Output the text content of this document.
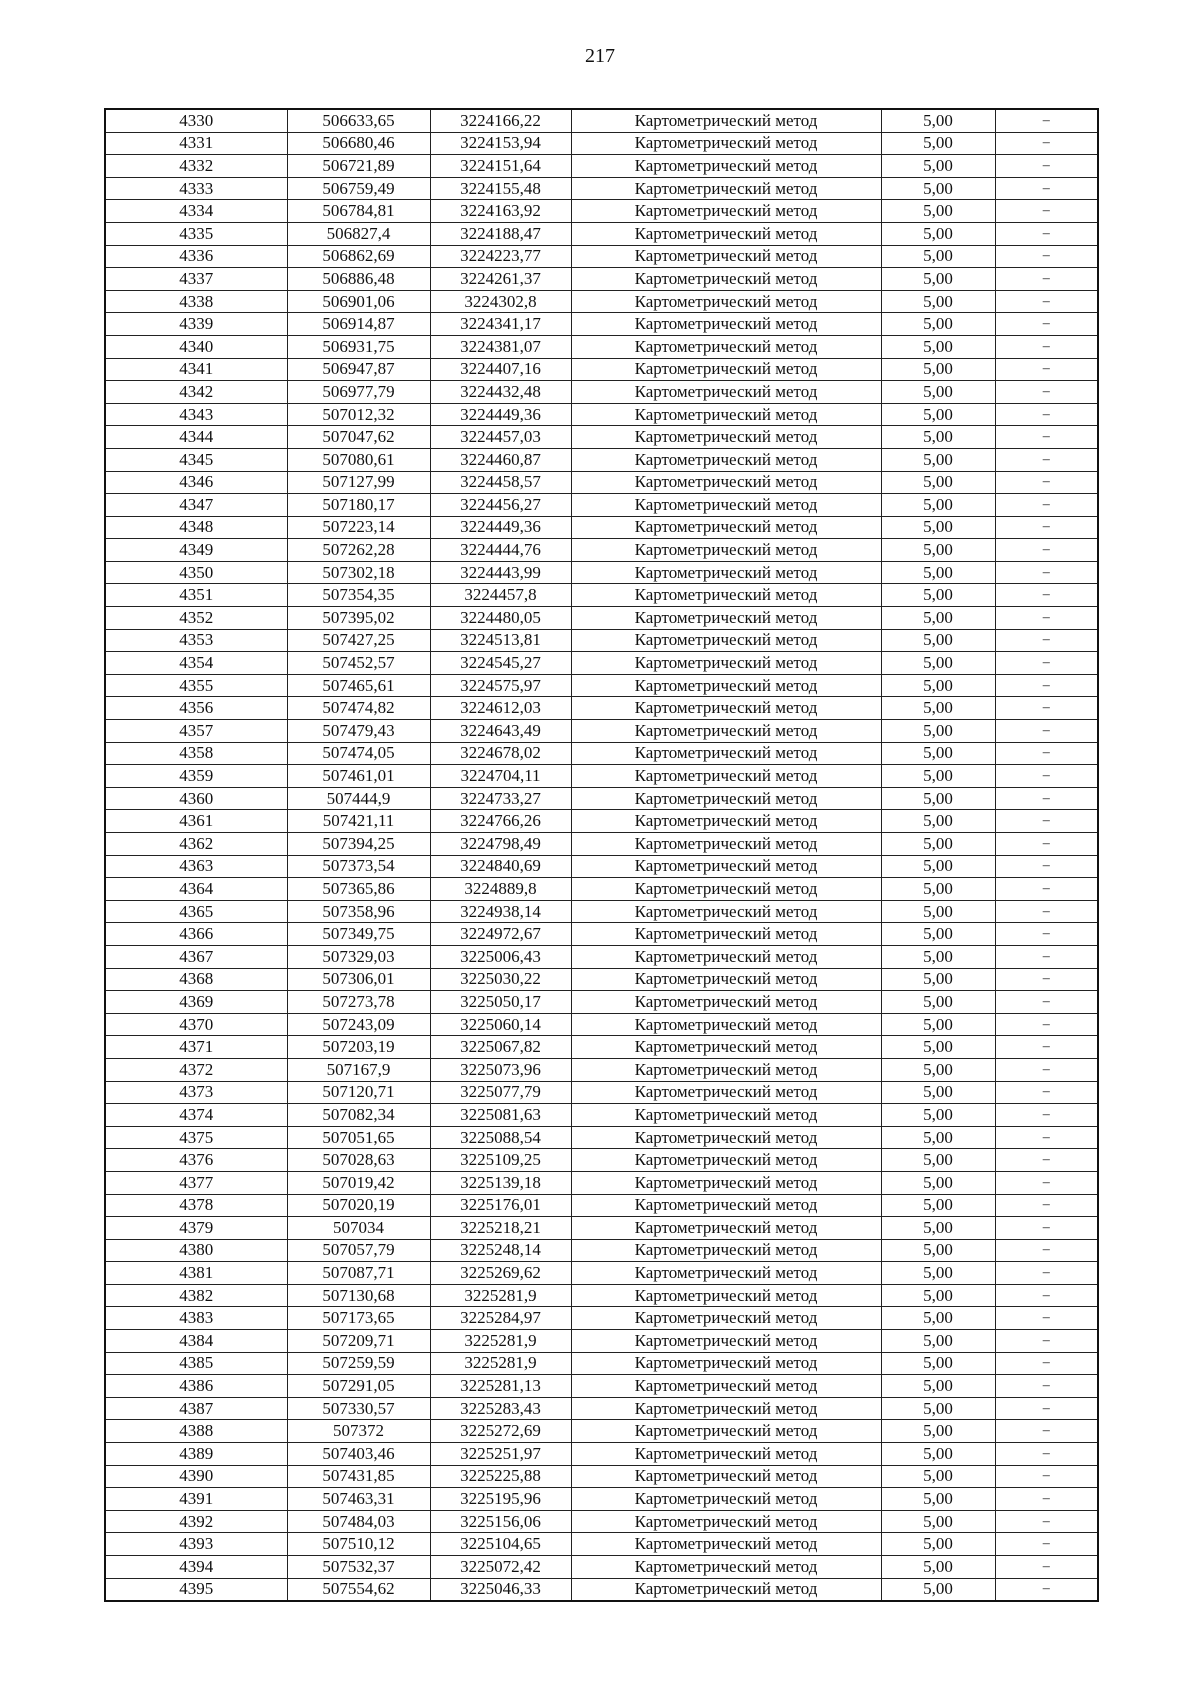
217
4330	506633,65	3224166,22	Картометрический метод	5,00	–
4331	506680,46	3224153,94	Картометрический метод	5,00	–
4332	506721,89	3224151,64	Картометрический метод	5,00	–
4333	506759,49	3224155,48	Картометрический метод	5,00	–
4334	506784,81	3224163,92	Картометрический метод	5,00	–
4335	506827,4	3224188,47	Картометрический метод	5,00	–
4336	506862,69	3224223,77	Картометрический метод	5,00	–
4337	506886,48	3224261,37	Картометрический метод	5,00	–
4338	506901,06	3224302,8	Картометрический метод	5,00	–
4339	506914,87	3224341,17	Картометрический метод	5,00	–
4340	506931,75	3224381,07	Картометрический метод	5,00	–
4341	506947,87	3224407,16	Картометрический метод	5,00	–
4342	506977,79	3224432,48	Картометрический метод	5,00	–
4343	507012,32	3224449,36	Картометрический метод	5,00	–
4344	507047,62	3224457,03	Картометрический метод	5,00	–
4345	507080,61	3224460,87	Картометрический метод	5,00	–
4346	507127,99	3224458,57	Картометрический метод	5,00	–
4347	507180,17	3224456,27	Картометрический метод	5,00	–
4348	507223,14	3224449,36	Картометрический метод	5,00	–
4349	507262,28	3224444,76	Картометрический метод	5,00	–
4350	507302,18	3224443,99	Картометрический метод	5,00	–
4351	507354,35	3224457,8	Картометрический метод	5,00	–
4352	507395,02	3224480,05	Картометрический метод	5,00	–
4353	507427,25	3224513,81	Картометрический метод	5,00	–
4354	507452,57	3224545,27	Картометрический метод	5,00	–
4355	507465,61	3224575,97	Картометрический метод	5,00	–
4356	507474,82	3224612,03	Картометрический метод	5,00	–
4357	507479,43	3224643,49	Картометрический метод	5,00	–
4358	507474,05	3224678,02	Картометрический метод	5,00	–
4359	507461,01	3224704,11	Картометрический метод	5,00	–
4360	507444,9	3224733,27	Картометрический метод	5,00	–
4361	507421,11	3224766,26	Картометрический метод	5,00	–
4362	507394,25	3224798,49	Картометрический метод	5,00	–
4363	507373,54	3224840,69	Картометрический метод	5,00	–
4364	507365,86	3224889,8	Картометрический метод	5,00	–
4365	507358,96	3224938,14	Картометрический метод	5,00	–
4366	507349,75	3224972,67	Картометрический метод	5,00	–
4367	507329,03	3225006,43	Картометрический метод	5,00	–
4368	507306,01	3225030,22	Картометрический метод	5,00	–
4369	507273,78	3225050,17	Картометрический метод	5,00	–
4370	507243,09	3225060,14	Картометрический метод	5,00	–
4371	507203,19	3225067,82	Картометрический метод	5,00	–
4372	507167,9	3225073,96	Картометрический метод	5,00	–
4373	507120,71	3225077,79	Картометрический метод	5,00	–
4374	507082,34	3225081,63	Картометрический метод	5,00	–
4375	507051,65	3225088,54	Картометрический метод	5,00	–
4376	507028,63	3225109,25	Картометрический метод	5,00	–
4377	507019,42	3225139,18	Картометрический метод	5,00	–
4378	507020,19	3225176,01	Картометрический метод	5,00	–
4379	507034	3225218,21	Картометрический метод	5,00	–
4380	507057,79	3225248,14	Картометрический метод	5,00	–
4381	507087,71	3225269,62	Картометрический метод	5,00	–
4382	507130,68	3225281,9	Картометрический метод	5,00	–
4383	507173,65	3225284,97	Картометрический метод	5,00	–
4384	507209,71	3225281,9	Картометрический метод	5,00	–
4385	507259,59	3225281,9	Картометрический метод	5,00	–
4386	507291,05	3225281,13	Картометрический метод	5,00	–
4387	507330,57	3225283,43	Картометрический метод	5,00	–
4388	507372	3225272,69	Картометрический метод	5,00	–
4389	507403,46	3225251,97	Картометрический метод	5,00	–
4390	507431,85	3225225,88	Картометрический метод	5,00	–
4391	507463,31	3225195,96	Картометрический метод	5,00	–
4392	507484,03	3225156,06	Картометрический метод	5,00	–
4393	507510,12	3225104,65	Картометрический метод	5,00	–
4394	507532,37	3225072,42	Картометрический метод	5,00	–
4395	507554,62	3225046,33	Картометрический метод	5,00	–
